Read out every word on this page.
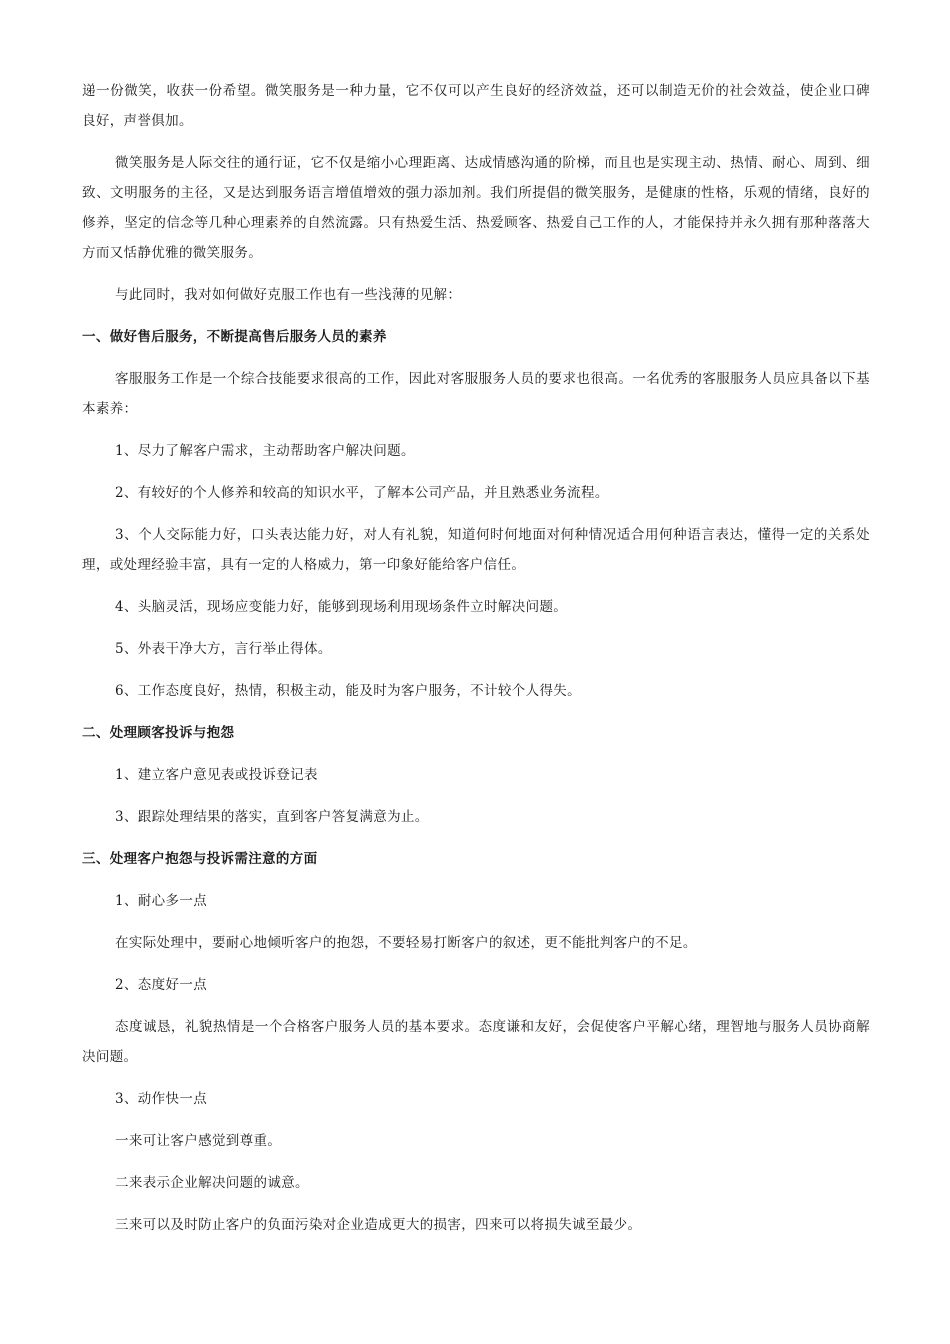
递一份微笑，收获一份希望。微笑服务是一种力量，它不仅可以产生良好的经济效益，还可以制造无价的社会效益，使企业口碑良好，声誉俱加。

微笑服务是人际交往的通行证，它不仅是缩小心理距离、达成情感沟通的阶梯，而且也是实现主动、热情、耐心、周到、细致、文明服务的主径，又是达到服务语言增值增效的强力添加剂。我们所提倡的微笑服务，是健康的性格，乐观的情绪，良好的修养，坚定的信念等几种心理素养的自然流露。只有热爱生活、热爱顾客、热爱自己工作的人，才能保持并永久拥有那种落落大方而又恬静优雅的微笑服务。

与此同时，我对如何做好克服工作也有一些浅薄的见解：

一、做好售后服务，不断提高售后服务人员的素养

客服服务工作是一个综合技能要求很高的工作，因此对客服服务人员的要求也很高。一名优秀的客服服务人员应具备以下基本素养：

1、尽力了解客户需求，主动帮助客户解决问题。

2、有较好的个人修养和较高的知识水平，了解本公司产品，并且熟悉业务流程。

3、个人交际能力好，口头表达能力好，对人有礼貌，知道何时何地面对何种情况适合用何种语言表达，懂得一定的关系处理，或处理经验丰富，具有一定的人格威力，第一印象好能给客户信任。

4、头脑灵活，现场应变能力好，能够到现场利用现场条件立时解决问题。

5、外表干净大方，言行举止得体。

6、工作态度良好，热情，积极主动，能及时为客户服务，不计较个人得失。

二、处理顾客投诉与抱怨

1、建立客户意见表或投诉登记表

3、跟踪处理结果的落实，直到客户答复满意为止。

三、处理客户抱怨与投诉需注意的方面

1、耐心多一点

在实际处理中，要耐心地倾听客户的抱怨，不要轻易打断客户的叙述，更不能批判客户的不足。

2、态度好一点

态度诚恳，礼貌热情是一个合格客户服务人员的基本要求。态度谦和友好，会促使客户平解心绪，理智地与服务人员协商解决问题。

3、动作快一点

一来可让客户感觉到尊重。

二来表示企业解决问题的诚意。

三来可以及时防止客户的负面污染对企业造成更大的损害，四来可以将损失诚至最少。
